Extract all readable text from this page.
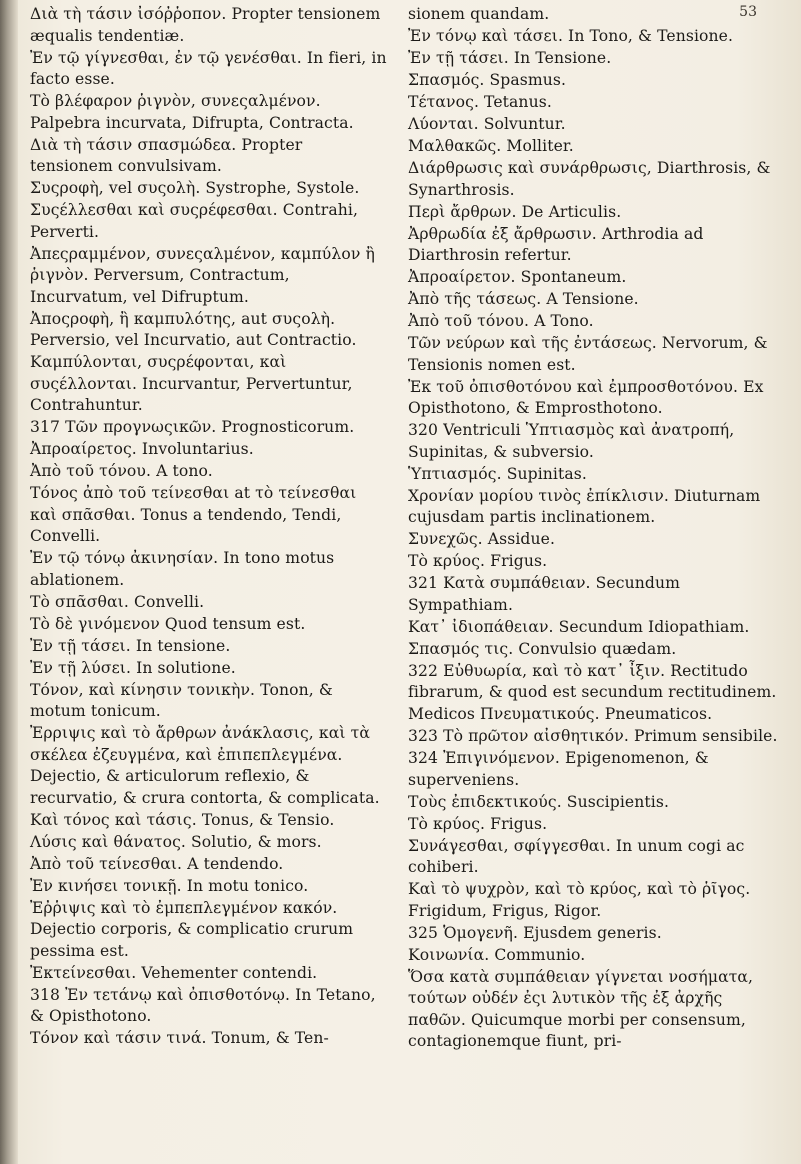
53
Διὰ τὴ τάσιν ἰσόῤῥοπον. Propter tensionem æqualis tendentiæ.
Ἐν τῷ γίγνεσθαι, ἐν τῷ γενέσθαι. In fieri, in facto esse.
Τὸ βλέφαρον ῥιγνὸν, συνεςαλμένον. Palpebra incurvata, Difrupta, Contracta.
Διὰ τὴ τάσιν σπασμώδεα. Propter tensionem convulsivam.
Συςροφὴ, vel συςολὴ. Systrophe, Systole.
Συςέλλεσθαι καὶ συςρέφεσθαι. Contrahi, Perverti.
Ἀπεςραμμένον, συνεςαλμένον, καμπύλον ἢ ῥιγνὸν. Perversum, Contractum, Incurvatum, vel Difruptum.
Ἀποςροφὴ, ἢ καμπυλότης, aut συςολὴ. Perversio, vel Incurvatio, aut Contractio.
Καμπύλονται, συςρέφονται, καὶ συςέλλονται. Incurvantur, Pervertuntur, Contrahuntur.
317 Τῶν προγνωςικῶν. Prognosticorum.
Ἀπροαίρετος. Involuntarius.
Ἀπὸ τοῦ τόνου. A tono.
Τόνος ἀπὸ τοῦ τείνεσθαι at τὸ τείνεσθαι καὶ σπᾶσθαι. Tonus a tendendo, Tendi, Convelli.
Ἐν τῷ τόνῳ ἀκινησίαν. In tono motus ablationem.
Τὸ σπᾶσθαι. Convelli.
Τὸ δὲ γινόμενον Quod tensum est.
Ἐν τῇ τάσει. In tensione.
Ἐν τῇ λύσει. In solutione.
Τόνον, καὶ κίνησιν τονικὴν. Tonon, & motum tonicum.
Ἐρριψις καὶ τὸ ἄρθρων ἀνάκλασις, καὶ τὰ σκέλεα ἐζευγμένα, καὶ ἐπιπεπλεγμένα. Dejectio, & articulorum reflexio, & recurvatio, & crura contorta, & complicata.
Καὶ τόνος καὶ τάσις. Tonus, & Tensio.
Λύσις καὶ θάνατος. Solutio, & mors.
Ἀπὸ τοῦ τείνεσθαι. A tendendo.
Ἐν κινήσει τονικῇ. In motu tonico.
Ἐῤῥιψις καὶ τὸ ἐμπεπλεγμένον κακόν. Dejectio corporis, & complicatio crurum pessima est.
Ἐκτείνεσθαι. Vehementer contendi.
318 Ἐν τετάνῳ καὶ ὀπισθοτόνῳ. In Tetano, & Opisthotono.
Τόνον καὶ τάσιν τινά. Tonum, & Ten-
sionem quandam.
Ἐν τόνῳ καὶ τάσει. In Tono, & Tensione.
Ἐν τῇ τάσει. In Tensione.
Σπασμός. Spasmus.
Τέτανος. Tetanus.
Λύονται. Solvuntur.
Μαλθακῶς. Molliter.
Διάρθρωσις καὶ συνάρθρωσις, Diarthrosis, & Synarthrosis.
Περὶ ἄρθρων. De Articulis.
Ἀρθρωδία ἐξ ἄρθρωσιν. Arthrodia ad Diarthrosin refertur.
Ἀπροαίρετον. Spontaneum.
Ἀπὸ τῆς τάσεως. A Tensione.
Ἀπὸ τοῦ τόνου. A Tono.
Τῶν νεύρων καὶ τῆς ἐντάσεως. Nervorum, & Tensionis nomen est.
Ἐκ τοῦ ὀπισθοτόνου καὶ ἐμπροσθοτόνου. Ex Opisthotono, & Emprosthotono.
320 Ventriculi Ὑπτιασμὸς καὶ ἀνατροπή, Supinitas, & subversio.
Ὑπτιασμός. Supinitas.
Χρονίαν μορίου τινὸς ἐπίκλισιν. Diuturnam cujusdam partis inclinationem.
Συνεχῶς. Assidue.
Τὸ κρύος. Frigus.
321 Κατὰ συμπάθειαν. Secundum Sympathiam.
Κατ᾽ ἰδιοπάθειαν. Secundum Idiopathiam.
Σπασμός τις. Convulsio quædam.
322 Εὐθυωρία, καὶ τὸ κατ᾽ ἶξιν. Rectitudo fibrarum, & quod est secundum rectitudinem.
Medicos Πνευματικούς. Pneumaticos.
323 Τὸ πρῶτον αἰσθητικόν. Primum sensibile.
324 Ἐπιγινόμενον. Epigenomenon, & superveniens.
Τοὺς ἐπιδεκτικούς. Suscipientis.
Τὸ κρύος. Frigus.
Συνάγεσθαι, σφίγγεσθαι. In unum cogi ac cohiberi.
Καὶ τὸ ψυχρὸν, καὶ τὸ κρύος, καὶ τὸ ῥῖγος. Frigidum, Frigus, Rigor.
325 Ὁμογενῆ. Ejusdem generis.
Κοινωνία. Communio.
Ὅσα κατὰ συμπάθειαν γίγνεται νοσήματα, τούτων οὐδέν ἐςι λυτικὸν τῆς ἐξ ἀρχῆς παθῶν. Quicumque morbi per consensum, contagionemque fiunt, pri-
